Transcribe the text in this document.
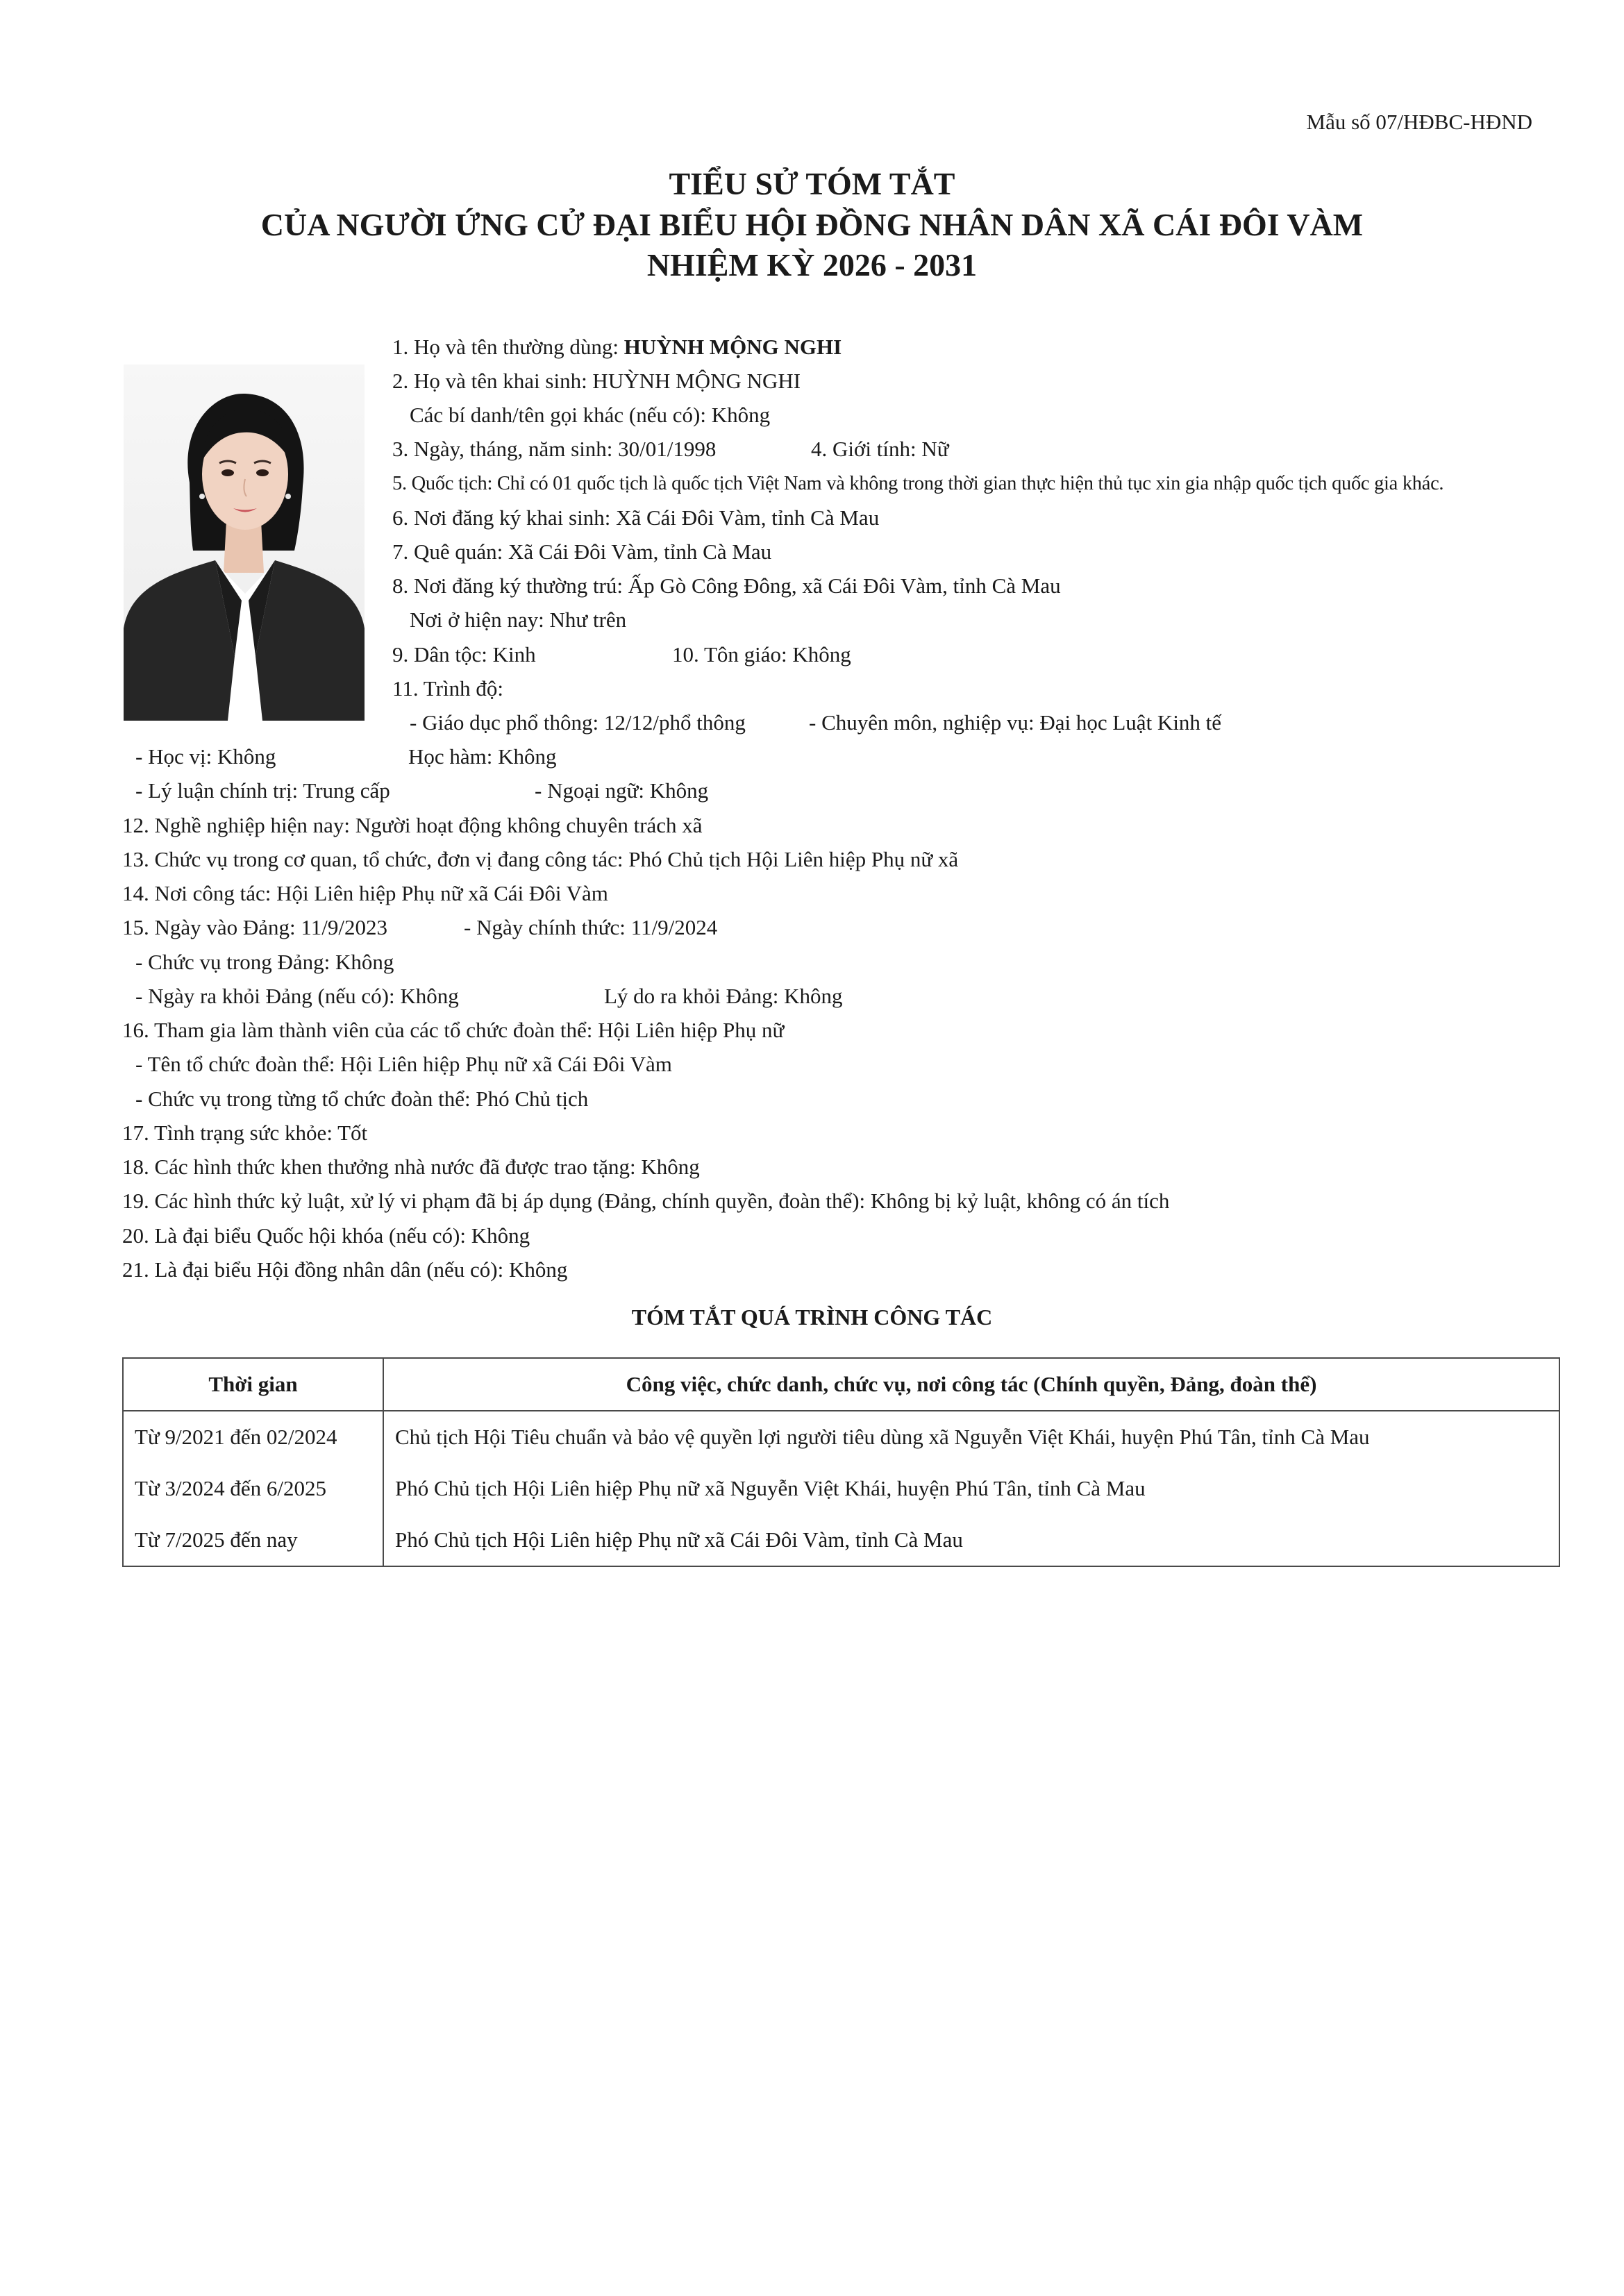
Mẫu số 07/HĐBC-HĐND
TIỂU SỬ TÓM TẮT
CỦA NGƯỜI ỨNG CỬ ĐẠI BIỂU HỘI ĐỒNG NHÂN DÂN XÃ CÁI ĐÔI VÀM
NHIỆM KỲ 2026 - 2031
1. Họ và tên thường dùng: HUỲNH MỘNG NGHI
2. Họ và tên khai sinh: HUỲNH MỘNG NGHI
Các bí danh/tên gọi khác (nếu có): Không
3. Ngày, tháng, năm sinh: 30/01/1998	4. Giới tính: Nữ
5. Quốc tịch: Chỉ có 01 quốc tịch là quốc tịch Việt Nam và không trong thời gian thực hiện thủ tục xin gia nhập quốc tịch quốc gia khác.
6. Nơi đăng ký khai sinh: Xã Cái Đôi Vàm, tỉnh Cà Mau
7. Quê quán: Xã Cái Đôi Vàm, tỉnh Cà Mau
8. Nơi đăng ký thường trú: Ấp Gò Công Đông, xã Cái Đôi Vàm, tỉnh Cà Mau
Nơi ở hiện nay: Như trên
9. Dân tộc: Kinh	10. Tôn giáo: Không
11. Trình độ:
- Giáo dục phổ thông: 12/12/phổ thông	- Chuyên môn, nghiệp vụ: Đại học Luật Kinh tế
- Học vị: Không	Học hàm: Không
- Lý luận chính trị: Trung cấp	- Ngoại ngữ: Không
12. Nghề nghiệp hiện nay: Người hoạt động không chuyên trách xã
13. Chức vụ trong cơ quan, tổ chức, đơn vị đang công tác: Phó Chủ tịch Hội Liên hiệp Phụ nữ xã
14. Nơi công tác: Hội Liên hiệp Phụ nữ xã Cái Đôi Vàm
15. Ngày vào Đảng: 11/9/2023	- Ngày chính thức: 11/9/2024
- Chức vụ trong Đảng: Không
- Ngày ra khỏi Đảng (nếu có): Không	Lý do ra khỏi Đảng: Không
16. Tham gia làm thành viên của các tổ chức đoàn thể: Hội Liên hiệp Phụ nữ
- Tên tổ chức đoàn thể: Hội Liên hiệp Phụ nữ xã Cái Đôi Vàm
- Chức vụ trong từng tổ chức đoàn thể: Phó Chủ tịch
17. Tình trạng sức khỏe: Tốt
18. Các hình thức khen thưởng nhà nước đã được trao tặng: Không
19. Các hình thức kỷ luật, xử lý vi phạm đã bị áp dụng (Đảng, chính quyền, đoàn thể): Không bị kỷ luật, không có án tích
20. Là đại biểu Quốc hội khóa (nếu có): Không
21. Là đại biểu Hội đồng nhân dân (nếu có): Không
TÓM TẮT QUÁ TRÌNH CÔNG TÁC
Thời gian	Công việc, chức danh, chức vụ, nơi công tác (Chính quyền, Đảng, đoàn thể)
Từ 9/2021 đến 02/2024	Chủ tịch Hội Tiêu chuẩn và bảo vệ quyền lợi người tiêu dùng xã Nguyễn Việt Khái, huyện Phú Tân, tỉnh Cà Mau
Từ 3/2024 đến 6/2025	Phó Chủ tịch Hội Liên hiệp Phụ nữ xã Nguyễn Việt Khái, huyện Phú Tân, tỉnh Cà Mau
Từ 7/2025 đến nay	Phó Chủ tịch Hội Liên hiệp Phụ nữ xã Cái Đôi Vàm, tỉnh Cà Mau
